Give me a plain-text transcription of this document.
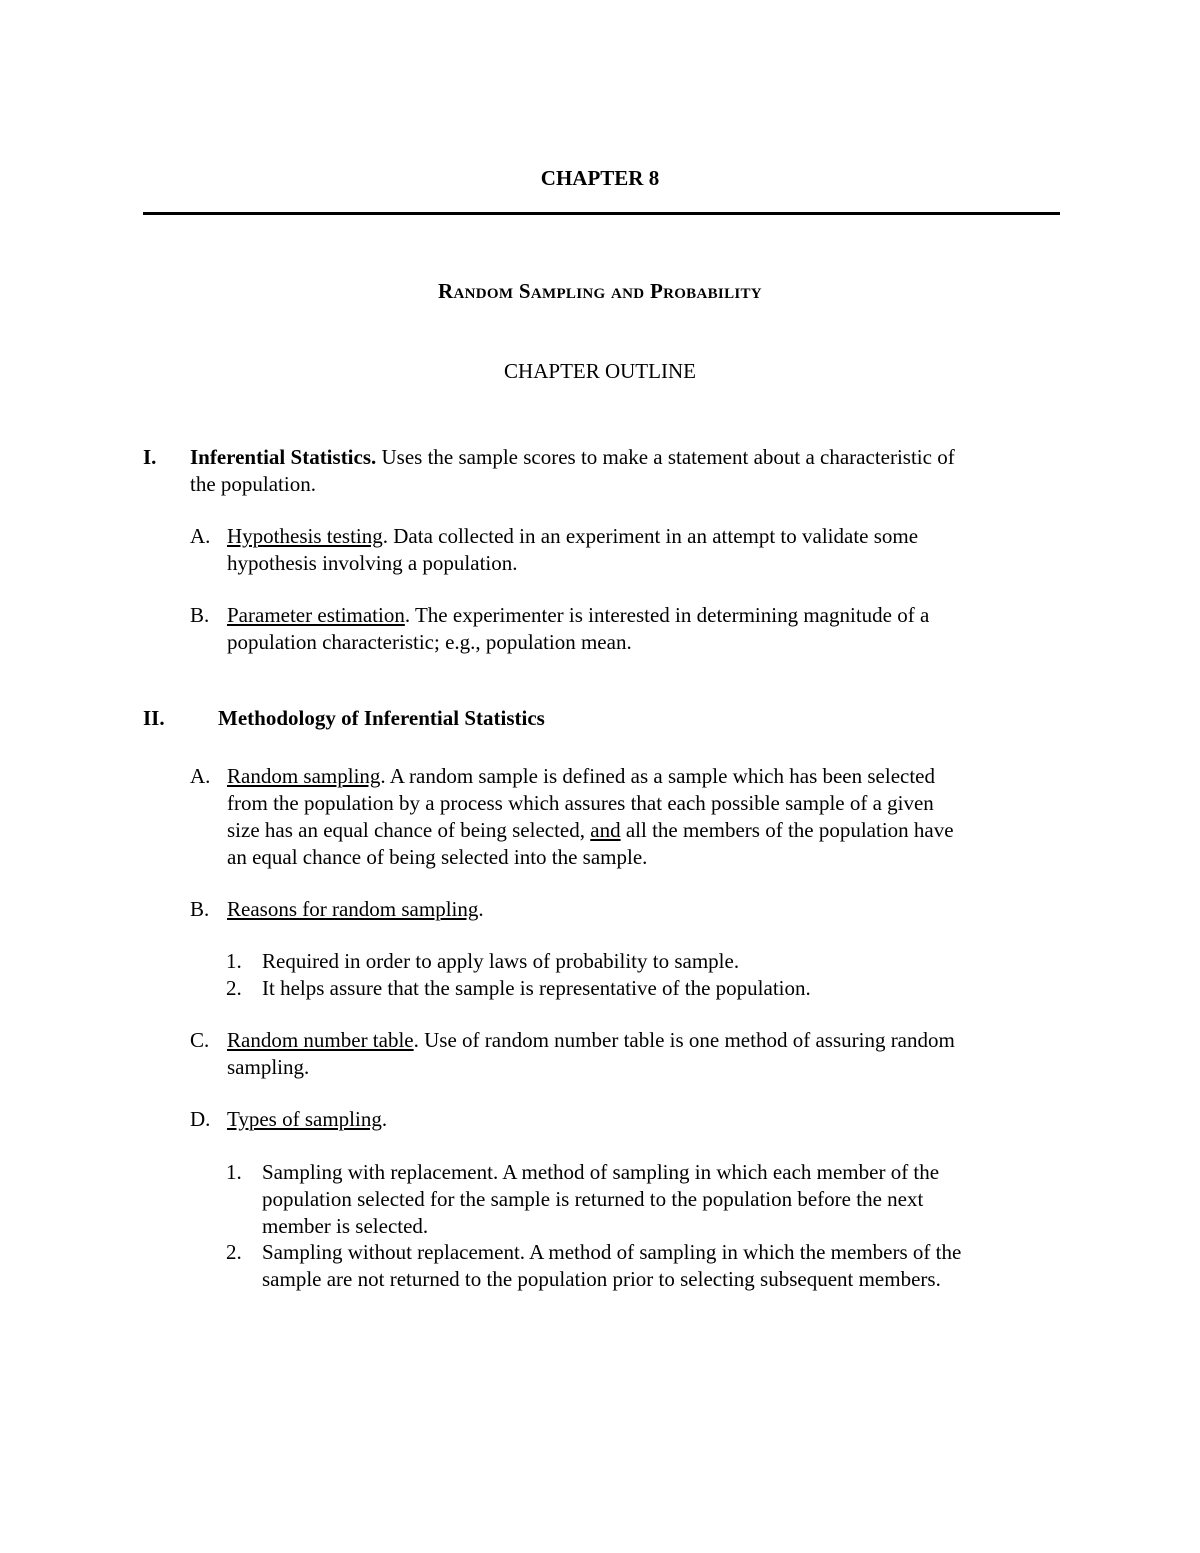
CHAPTER 8
Random Sampling and Probability
CHAPTER OUTLINE
I. Inferential Statistics. Uses the sample scores to make a statement about a characteristic of
the population.
A. Hypothesis testing. Data collected in an experiment in an attempt to validate some
hypothesis involving a population.
B. Parameter estimation. The experimenter is interested in determining magnitude of a
population characteristic; e.g., population mean.
II.	Methodology of Inferential Statistics
A. Random sampling. A random sample is defined as a sample which has been selected
from the population by a process which assures that each possible sample of a given
size has an equal chance of being selected, and all the members of the population have
an equal chance of being selected into the sample.
B. Reasons for random sampling.
1. Required in order to apply laws of probability to sample.
2. It helps assure that the sample is representative of the population.
C. Random number table. Use of random number table is one method of assuring random
sampling.
D. Types of sampling.
1. Sampling with replacement. A method of sampling in which each member of the
population selected for the sample is returned to the population before the next
member is selected.
2. Sampling without replacement. A method of sampling in which the members of the
sample are not returned to the population prior to selecting subsequent members.
